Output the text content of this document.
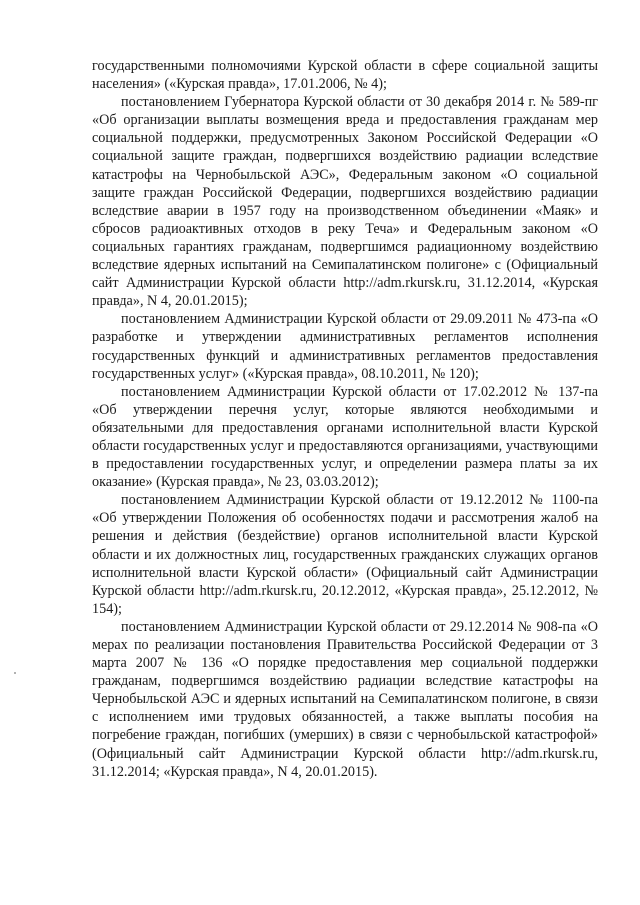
государственными полномочиями Курской области в сфере социальной защиты населения» («Курская правда», 17.01.2006, № 4);

постановлением Губернатора Курской области от 30 декабря 2014 г. № 589-пг «Об организации выплаты возмещения вреда и предоставления гражданам мер социальной поддержки, предусмотренных Законом Российской Федерации «О социальной защите граждан, подвергшихся воздействию радиации вследствие катастрофы на Чернобыльской АЭС», Федеральным законом «О социальной защите граждан Российской Федерации, подвергшихся воздействию радиации вследствие аварии в 1957 году на производственном объединении «Маяк» и сбросов радиоактивных отходов в реку Теча» и Федеральным законом «О социальных гарантиях гражданам, подвергшимся радиационному воздействию вследствие ядерных испытаний на Семипалатинском полигоне» с (Официальный сайт Администрации Курской области http://adm.rkursk.ru, 31.12.2014, «Курская правда», N 4, 20.01.2015);

постановлением Администрации Курской области от 29.09.2011 № 473-па «О разработке и утверждении административных регламентов исполнения государственных функций и административных регламентов предоставления государственных услуг» («Курская правда», 08.10.2011, № 120);

постановлением Администрации Курской области от 17.02.2012 № 137-па «Об утверждении перечня услуг, которые являются необходимыми и обязательными для предоставления органами исполнительной власти Курской области государственных услуг и предоставляются организациями, участвующими в предоставлении государственных услуг, и определении размера платы за их оказание» (Курская правда», № 23, 03.03.2012);

постановлением Администрации Курской области от 19.12.2012 № 1100-па «Об утверждении Положения об особенностях подачи и рассмотрения жалоб на решения и действия (бездействие) органов исполнительной власти Курской области и их должностных лиц, государственных гражданских служащих органов исполнительной власти Курской области» (Официальный сайт Администрации Курской области http://adm.rkursk.ru, 20.12.2012, «Курская правда», 25.12.2012, № 154);

постановлением Администрации Курской области от 29.12.2014 № 908-па «О мерах по реализации постановления Правительства Российской Федерации от 3 марта 2007 № 136 «О порядке предоставления мер социальной поддержки гражданам, подвергшимся воздействию радиации вследствие катастрофы на Чернобыльской АЭС и ядерных испытаний на Семипалатинском полигоне, в связи с исполнением ими трудовых обязанностей, а также выплаты пособия на погребение граждан, погибших (умерших) в связи с чернобыльской катастрофой» (Официальный сайт Администрации Курской области http://adm.rkursk.ru, 31.12.2014; «Курская правда», N 4, 20.01.2015).
